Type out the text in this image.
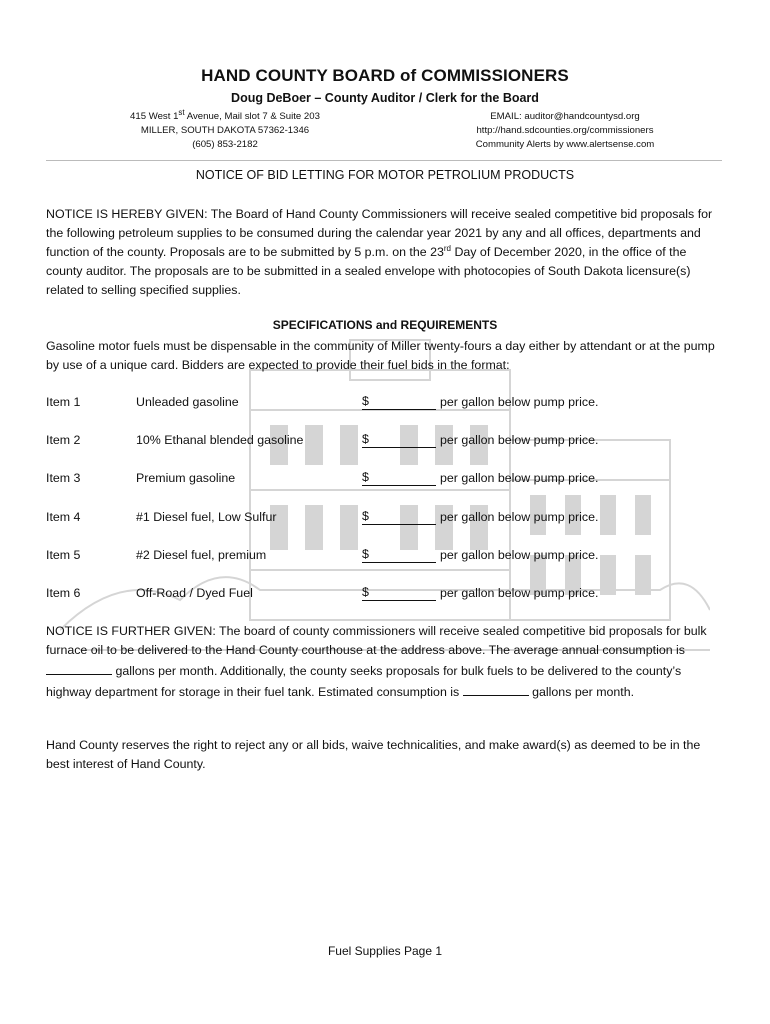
HAND COUNTY BOARD of COMMISSIONERS
Doug DeBoer – County Auditor / Clerk for the Board
415 West 1st Avenue, Mail slot 7 & Suite 203
MILLER, SOUTH DAKOTA 57362-1346
(605) 853-2182
EMAIL: auditor@handcountysd.org
http://hand.sdcounties.org/commissioners
Community Alerts by www.alertsense.com
NOTICE OF BID LETTING FOR MOTOR PETROLIUM PRODUCTS
NOTICE IS HEREBY GIVEN: The Board of Hand County Commissioners will receive sealed competitive bid proposals for the following petroleum supplies to be consumed during the calendar year 2021 by any and all offices, departments and function of the county. Proposals are to be submitted by 5 p.m. on the 23rd Day of December 2020, in the office of the county auditor. The proposals are to be submitted in a sealed envelope with photocopies of South Dakota licensure(s) related to selling specified supplies.
SPECIFICATIONS and REQUIREMENTS
Gasoline motor fuels must be dispensable in the community of Miller twenty-fours a day either by attendant or at the pump by use of a unique card. Bidders are expected to provide their fuel bids in the format:
Item 1	Unleaded gasoline	$	per gallon below pump price.
Item 2	10% Ethanal blended gasoline	$	per gallon below pump price.
Item 3	Premium gasoline	$	per gallon below pump price.
Item 4	#1 Diesel fuel, Low Sulfur	$	per gallon below pump price.
Item 5	#2 Diesel fuel, premium	$	per gallon below pump price.
Item 6	Off-Road / Dyed Fuel	$	per gallon below pump price.
NOTICE IS FURTHER GIVEN: The board of county commissioners will receive sealed competitive bid proposals for bulk furnace oil to be delivered to the Hand County courthouse at the address above. The average annual consumption is  gallons per month. Additionally, the county seeks proposals for bulk fuels to be delivered to the county’s highway department for storage in their fuel tank. Estimated consumption is	gallons per month.
Hand County reserves the right to reject any or all bids, waive technicalities, and make award(s) as deemed to be in the best interest of Hand County.
Fuel Supplies Page 1
